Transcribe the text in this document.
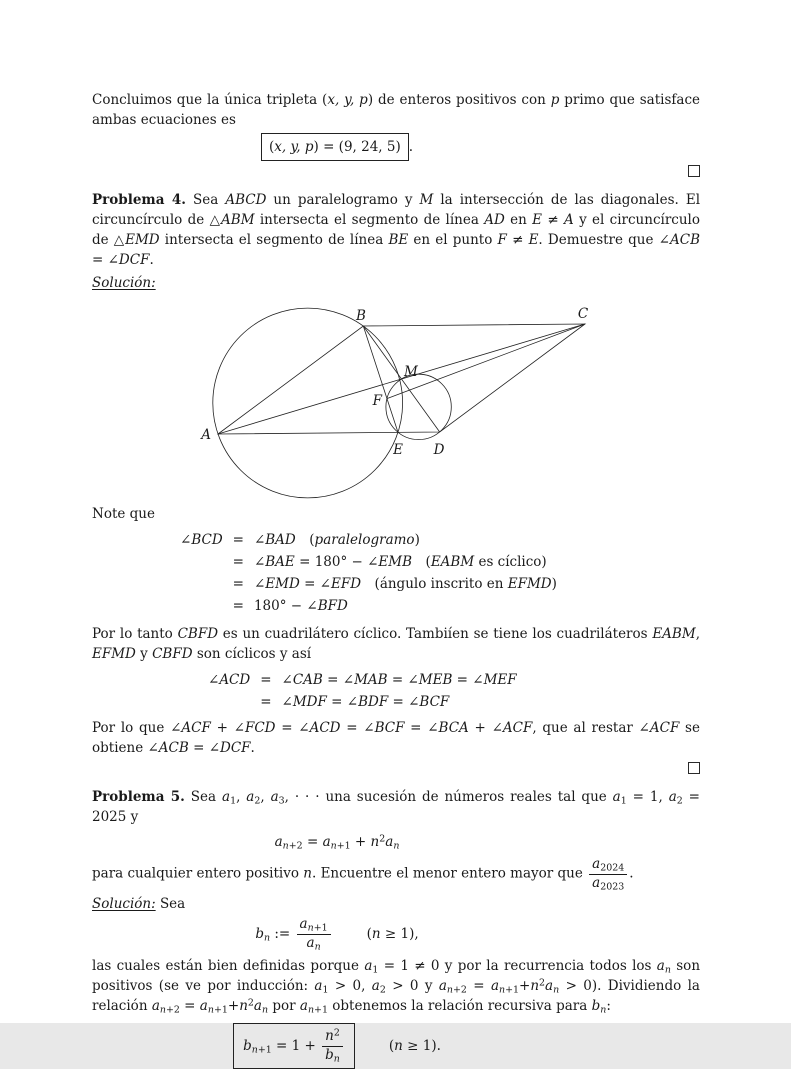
Concluimos que la única tripleta (x, y, p) de enteros positivos con p primo que satisface ambas ecuaciones es

(x, y, p) = (9, 24, 5) .

Problema 4. Sea ABCD un paralelogramo y M la intersección de las diagonales. El circuncírculo de △ABM intersecta el segmento de línea AD en E ≠ A y el circuncírculo de △EMD intersecta el segmento de línea BE en el punto F ≠ E. Demuestre que ∠ACB = ∠DCF.

Solución:

A
B	C
D
E
F
M

Note que

∠BCD = ∠BAD (paralelogramo)
= ∠BAE = 180° − ∠EMB (EABM es cíclico)
= ∠EMD = ∠EFD (ángulo inscrito en EFMD)
= 180° − ∠BFD

Por lo tanto CBFD es un cuadrilátero cíclico. Tambiíen se tiene los cuadriláteros EABM, EFMD y CBFD son cíclicos y así

∠ACD = ∠CAB = ∠MAB = ∠MEB = ∠MEF
= ∠MDF = ∠BDF = ∠BCF

Por lo que ∠ACF + ∠FCD = ∠ACD = ∠BCF = ∠BCA + ∠ACF, que al restar ∠ACF se obtiene ∠ACB = ∠DCF.

Problema 5. Sea $a_1$, $a_2$, $a_3$, · · · una sucesión de números reales tal que $a_1 = 1$, $a_2 = 2025$ y

$a_{n+2} = a_{n+1} + n^2a_n$

para cualquier entero positivo n. Encuentre el menor entero mayor que $\frac{a_{2024}}{a_{2023}}$ .

Solución: Sea

$b_n$ := $\frac{a_{n+1}}{a_n}$	(n ≥ 1),

las cuales están bien definidas porque $a_1 = 1 \ne 0$ y por la recurrencia todos los $a_n$ son positivos (se ve por inducción: $a_1 > 0$, $a_2 > 0$ y $a_{n+2} = a_{n+1}+n^2a_n > 0$). Dividiendo la relación $a_{n+2} = a_{n+1}+n^2a_n$ por $a_{n+1}$ obtenemos la relación recursiva para $b_n$:

$b_{n+1} = 1 + \frac{n^2}{b_n}$	(n ≥ 1).
